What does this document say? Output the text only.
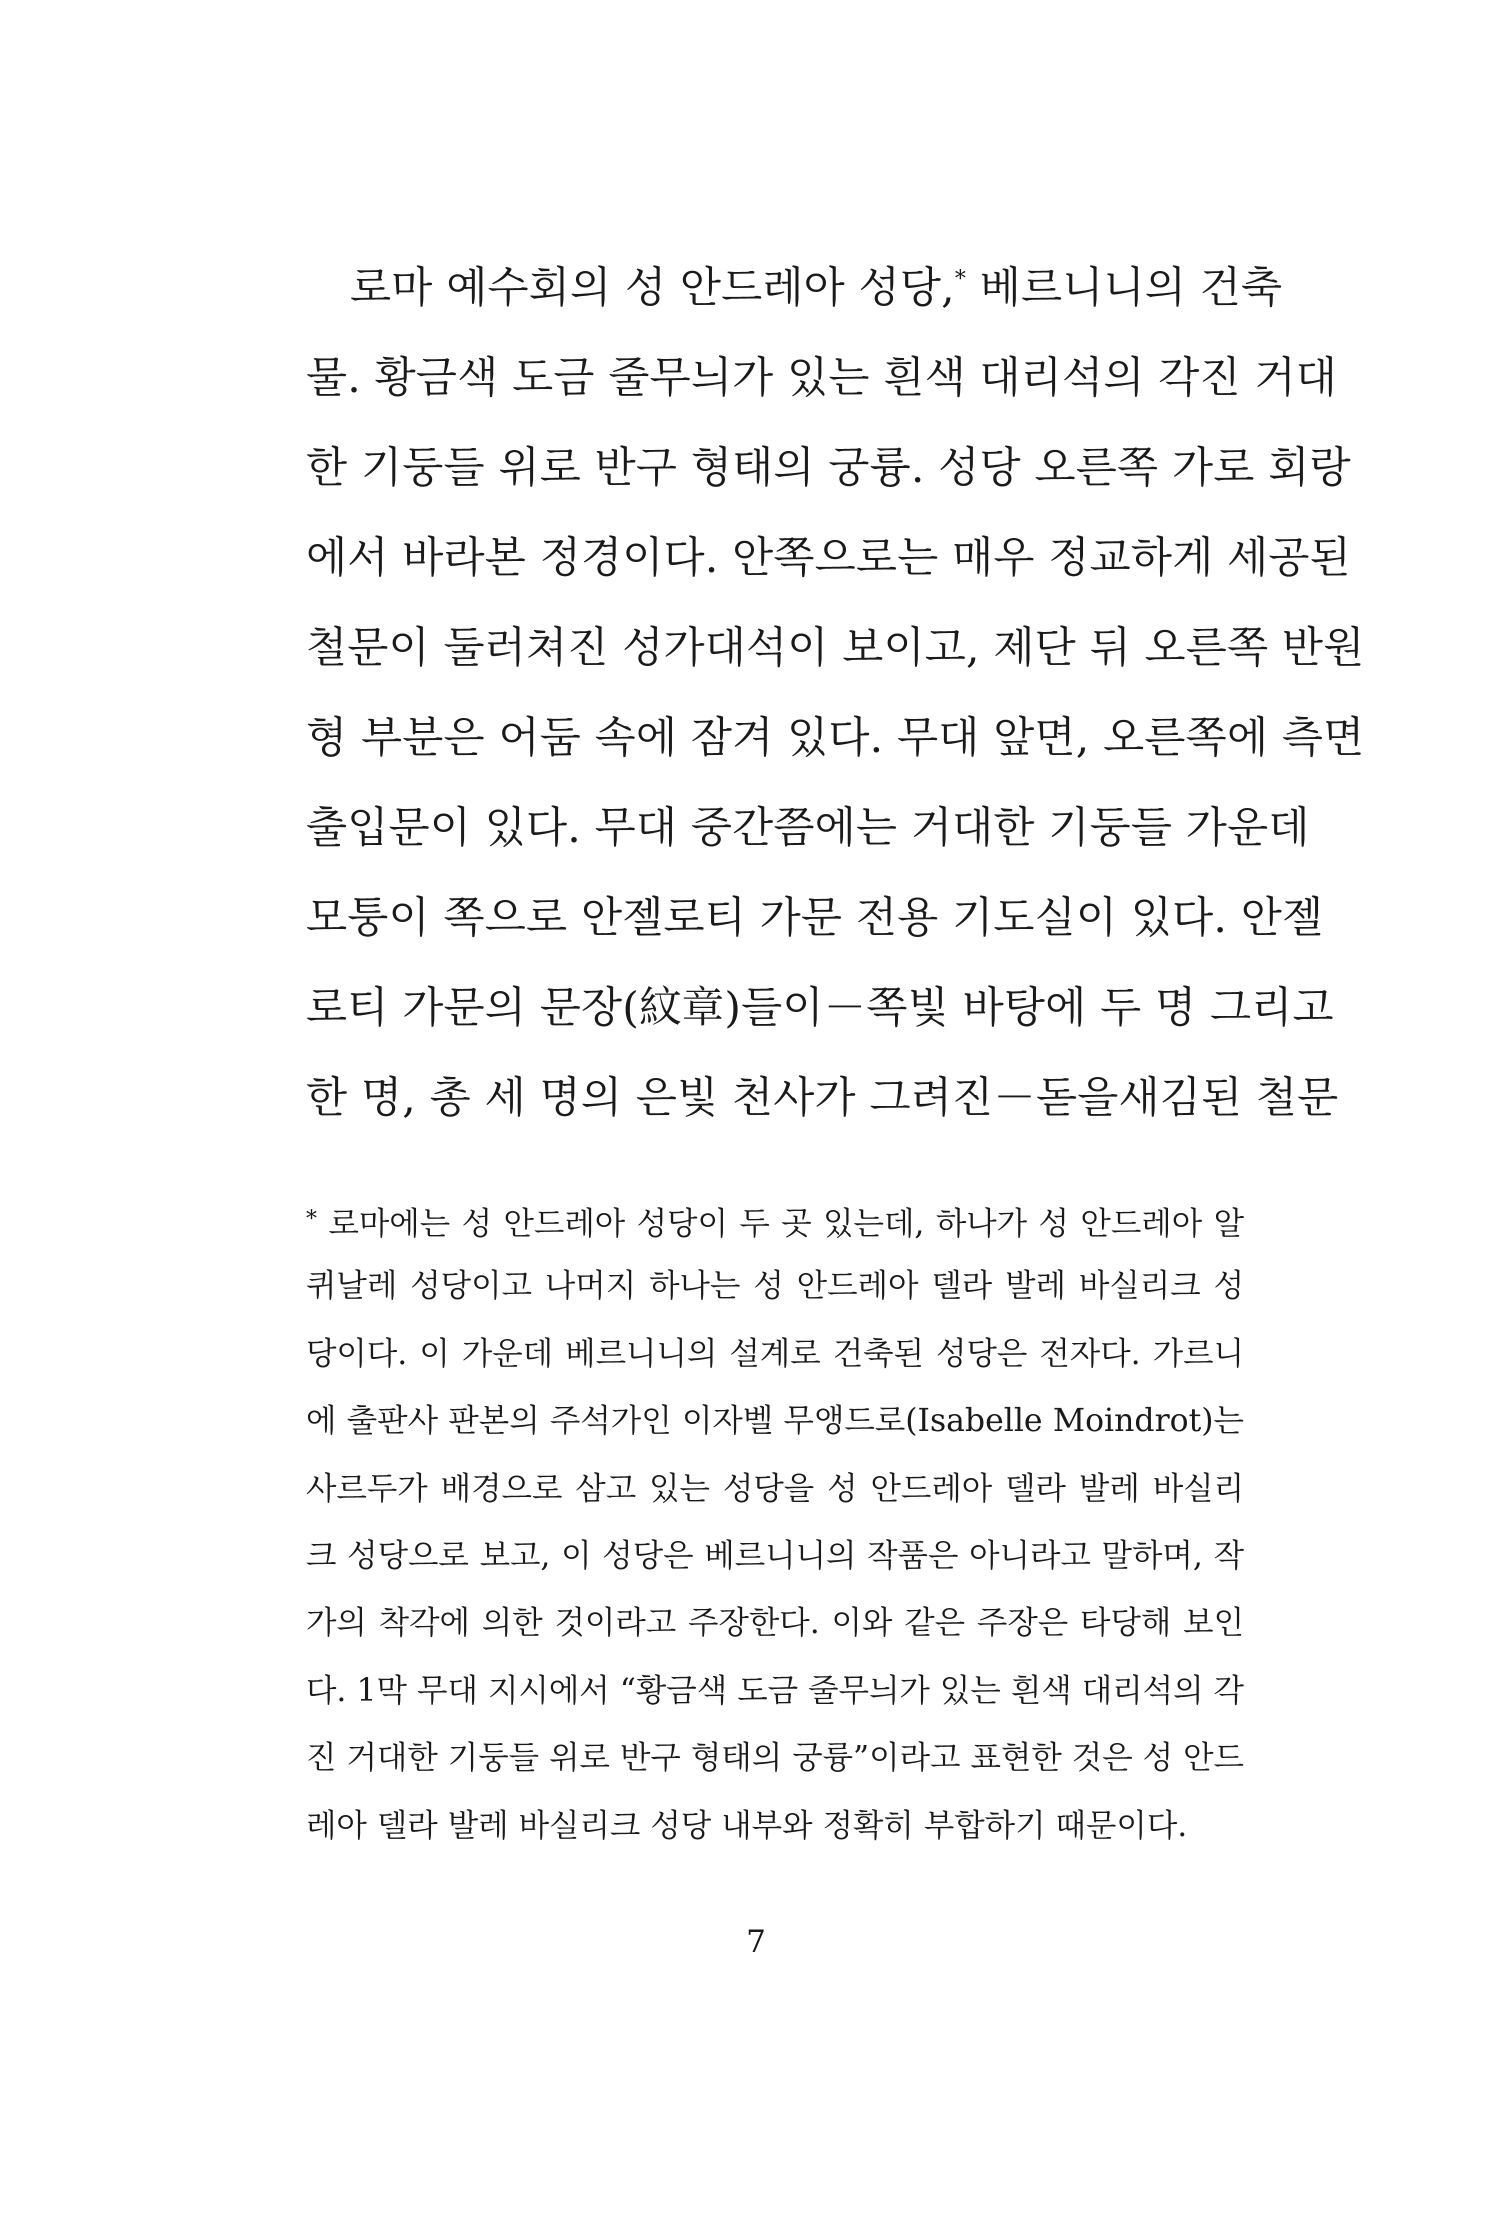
로마 예수회의 성 안드레아 성당,* 베르니니의 건축
물. 황금색 도금 줄무늬가 있는 흰색 대리석의 각진 거대
한 기둥들 위로 반구 형태의 궁륭. 성당 오른쪽 가로 회랑
에서 바라본 정경이다. 안쪽으로는 매우 정교하게 세공된
철문이 둘러쳐진 성가대석이 보이고, 제단 뒤 오른쪽 반원
형 부분은 어둠 속에 잠겨 있다. 무대 앞면, 오른쪽에 측면
출입문이 있다. 무대 중간쯤에는 거대한 기둥들 가운데
모퉁이 쪽으로 안젤로티 가문 전용 기도실이 있다. 안젤
로티 가문의 문장(紋章)들이－쪽빛 바탕에 두 명 그리고
한 명, 총 세 명의 은빛 천사가 그려진－돋을새김된 철문
* 로마에는 성 안드레아 성당이 두 곳 있는데, 하나가 성 안드레아 알
퀴날레 성당이고 나머지 하나는 성 안드레아 델라 발레 바실리크 성
당이다. 이 가운데 베르니니의 설계로 건축된 성당은 전자다. 가르니
에 출판사 판본의 주석가인 이자벨 무앵드로(Isabelle Moindrot)는
사르두가 배경으로 삼고 있는 성당을 성 안드레아 델라 발레 바실리
크 성당으로 보고, 이 성당은 베르니니의 작품은 아니라고 말하며, 작
가의 착각에 의한 것이라고 주장한다. 이와 같은 주장은 타당해 보인
다. 1막 무대 지시에서 “황금색 도금 줄무늬가 있는 흰색 대리석의 각
진 거대한 기둥들 위로 반구 형태의 궁륭”이라고 표현한 것은 성 안드
레아 델라 발레 바실리크 성당 내부와 정확히 부합하기 때문이다.
7
